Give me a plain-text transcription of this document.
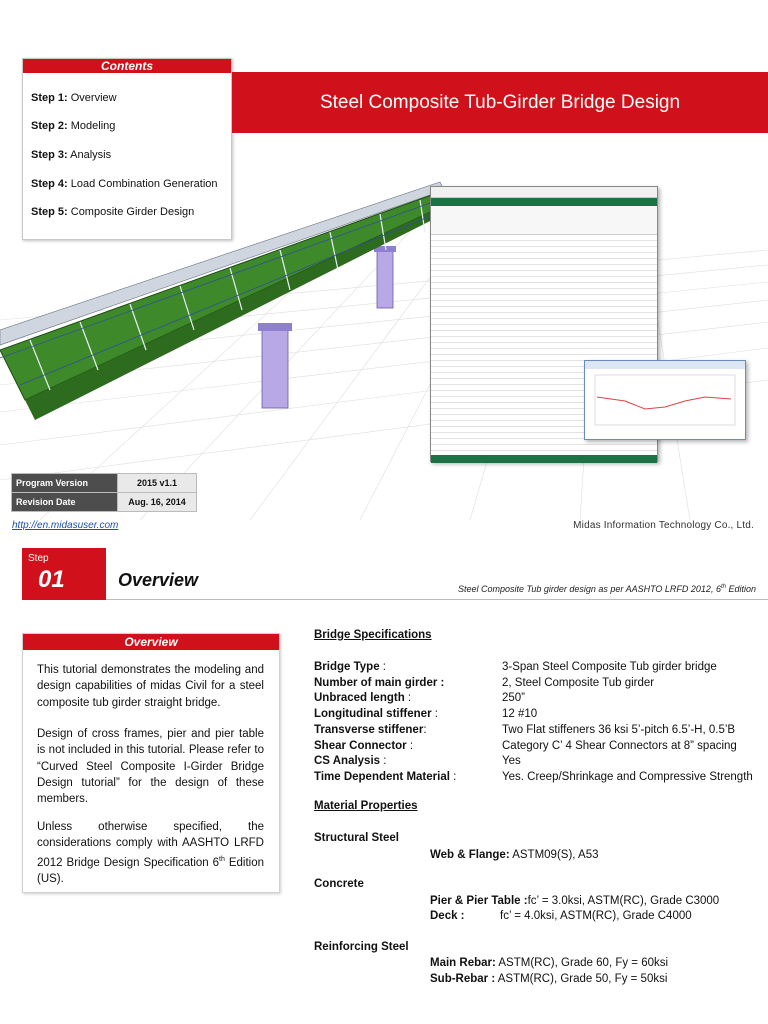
Contents
Step 1: Overview
Step 2: Modeling
Step 3: Analysis
Step 4: Load Combination Generation
Step 5: Composite Girder Design
Steel Composite Tub-Girder Bridge Design
Program Version	2015 v1.1
Revision Date	Aug. 16, 2014
http://en.midasuser.com	Midas Information Technology Co., Ltd.
Step
01	Overview	Steel Composite Tub girder design as per AASHTO LRFD 2012, 6th Edition
Overview
This tutorial demonstrates the modeling and design capabilities of midas Civil for a steel composite tub girder straight bridge.
Design of cross frames, pier and pier table is not included in this tutorial. Please refer to “Curved Steel Composite I-Girder Bridge Design tutorial” for the design of these members.
Unless otherwise specified, the considerations comply with AASHTO LRFD 2012 Bridge Design Specification 6th Edition (US).
Bridge Specifications
Bridge Type :	3-Span Steel Composite Tub girder bridge
Number of main girder :	2, Steel Composite Tub girder
Unbraced length :	250”
Longitudinal stiffener :	12 #10
Transverse stiffener:	Two Flat stiffeners 36 ksi 5’-pitch 6.5’-H, 0.5’B
Shear Connector :	Category C’ 4 Shear Connectors at 8” spacing
CS Analysis :	Yes
Time Dependent Material :	Yes. Creep/Shrinkage and Compressive Strength
Material Properties
Structural Steel
Web & Flange: ASTM09(S), A53
Concrete
Pier & Pier Table :fc’ = 3.0ksi, ASTM(RC), Grade C3000
Deck :	fc’ = 4.0ksi, ASTM(RC), Grade C4000
Reinforcing Steel
Main Rebar: ASTM(RC), Grade 60, Fy = 60ksi
Sub-Rebar : ASTM(RC), Grade 50, Fy = 50ksi
